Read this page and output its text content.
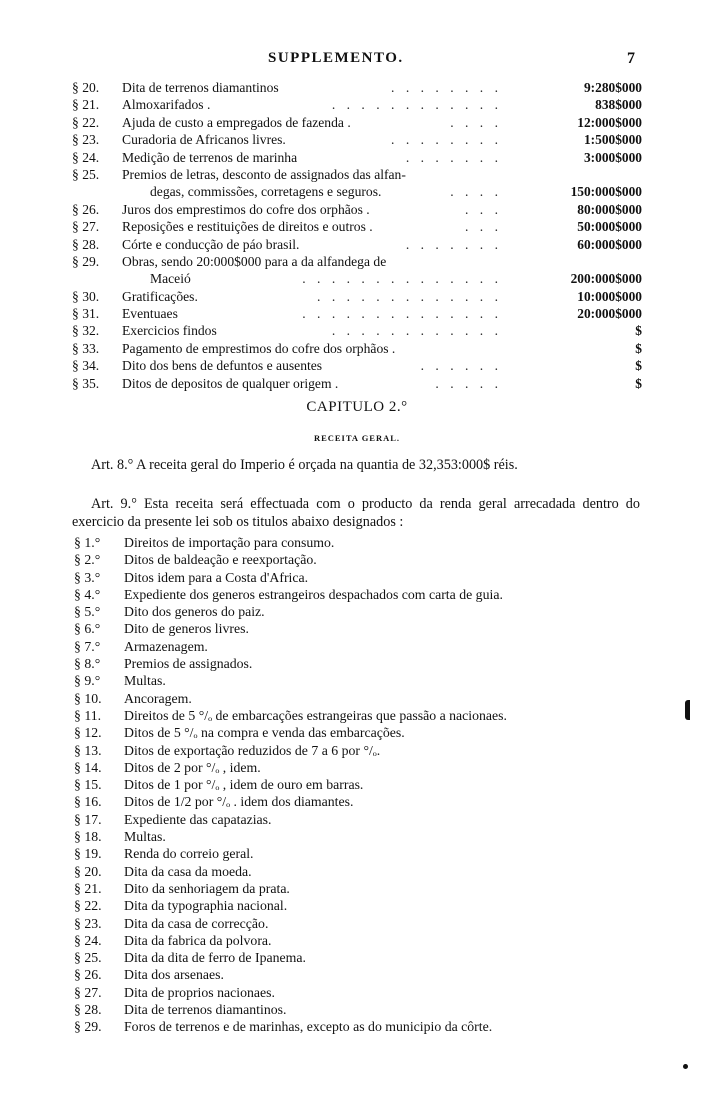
SUPPLEMENTO.	7
§ 20. Dita de terrenos diamantinos	. . . . . . . .	9:280$000
§ 21. Almoxarifados .	. . . . . . . . . . . .	838$000
§ 22. Ajuda de custo a empregados de fazenda .	. . . .	12:000$000
§ 23. Curadoria de Africanos livres.	. . . . . . . .	1:500$000
§ 24. Medição de terrenos de marinha	. . . . . . .	3:000$000
§ 25. Premios de letras, desconto de assignados das alfan-
degas, commissões, corretagens e seguros.	. . . .	150:000$000
§ 26. Juros dos emprestimos do cofre dos orphãos .	. . .	80:000$000
§ 27. Reposições e restituições de direitos e outros .	. . .	50:000$000
§ 28. Córte e conducção de páo brasil.	. . . . . . .	60:000$000
§ 29. Obras, sendo 20:000$000 para a da alfandega de
Maceió	. . . . . . . . . . . . . .	200:000$000
§ 30. Gratificações.	. . . . . . . . . . . . .	10:000$000
§ 31. Eventuaes	. . . . . . . . . . . . . .	20:000$000
§ 32. Exercicios findos	. . . . . . . . . . . .	$
§ 33. Pagamento de emprestimos do cofre dos orphãos .	$
§ 34. Dito dos bens de defuntos e ausentes	. . . . . .	$
§ 35. Ditos de depositos de qualquer origem .	. . . . .	$
CAPITULO 2.°
RECEITA GERAL.
Art. 8.° A receita geral do Imperio é orçada na quantia de 32,353:000$ réis.
Art. 9.° Esta receita será effectuada com o producto da renda geral arrecadada dentro do exercicio da presente lei sob os titulos abaixo designados :
§ 1.° Direitos de importação para consumo.
§ 2.° Ditos de baldeação e reexportação.
§ 3.° Ditos idem para a Costa d'Africa.
§ 4.° Expediente dos generos estrangeiros despachados com carta de guia.
§ 5.° Dito dos generos do paiz.
§ 6.° Dito de generos livres.
§ 7.° Armazenagem.
§ 8.° Premios de assignados.
§ 9.° Multas.
§ 10. Ancoragem.
§ 11. Direitos de 5 °/ₒ de embarcações estrangeiras que passão a nacionaes.
§ 12. Ditos de 5 °/ₒ na compra e venda das embarcações.
§ 13. Ditos de exportação reduzidos de 7 a 6 por °/ₒ.
§ 14. Ditos de 2 por °/ₒ , idem.
§ 15. Ditos de 1 por °/ₒ , idem de ouro em barras.
§ 16. Ditos de 1/2 por °/ₒ . idem dos diamantes.
§ 17. Expediente das capatazias.
§ 18. Multas.
§ 19. Renda do correio geral.
§ 20. Dita da casa da moeda.
§ 21. Dito da senhoriagem da prata.
§ 22. Dita da typographia nacional.
§ 23. Dita da casa de correcção.
§ 24. Dita da fabrica da polvora.
§ 25. Dita da dita de ferro de Ipanema.
§ 26. Dita dos arsenaes.
§ 27. Dita de proprios nacionaes.
§ 28. Dita de terrenos diamantinos.
§ 29. Foros de terrenos e de marinhas, excepto as do municipio da côrte.
